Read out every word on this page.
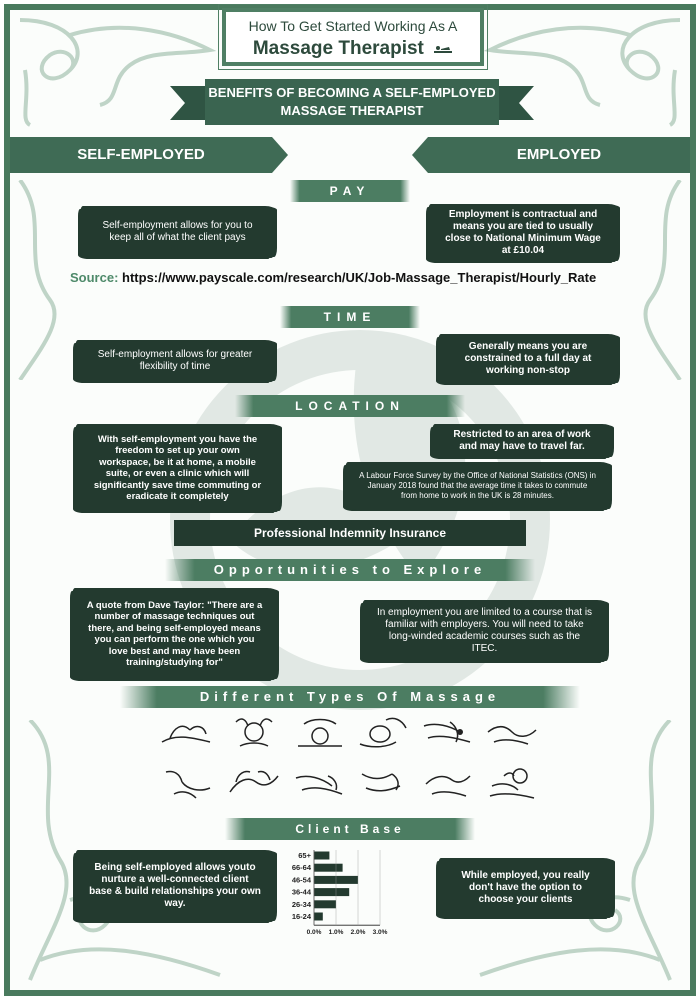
How To Get Started Working As A
Massage Therapist
BENEFITS OF BECOMING A SELF-EMPLOYED
MASSAGE THERAPIST
SELF-EMPLOYED	EMPLOYED
PAY
Self-employment allows for you to keep all of what the client pays
Employment is contractual and means you are tied to usually close to National Minimum Wage at £10.04
Source: https://www.payscale.com/research/UK/Job-Massage_Therapist/Hourly_Rate
TIME
Self-employment allows for greater flexibility of time
Generally means you are constrained to a full day at working non-stop
LOCATION
With self-employment you have the freedom to set up your own workspace, be it at home, a mobile suite, or even a clinic which will significantly save time commuting or eradicate it completely
Restricted to an area of work and may have to travel far.
A Labour Force Survey by the Office of National Statistics (ONS) in January 2018 found that the average time it takes to commute from home to work in the UK is 28 minutes.
Professional Indemnity Insurance
Opportunities to Explore
A quote from Dave Taylor: "There are a number of massage techniques out there, and being self-employed means you can perform the one which you love best and may have been training/studying for"
In employment you are limited to a course that is familiar with employers. You will need to take long-winded academic courses such as the ITEC.
Different Types Of Massage
Client Base
Being self-employed allows youto nurture a well-connected client base & build relationships your own way.
While employed, you really don't have the option to choose your clients
65+
66-64
46-54
36-44
26-34
16-24
0.0% 1.0% 2.0% 3.0%
